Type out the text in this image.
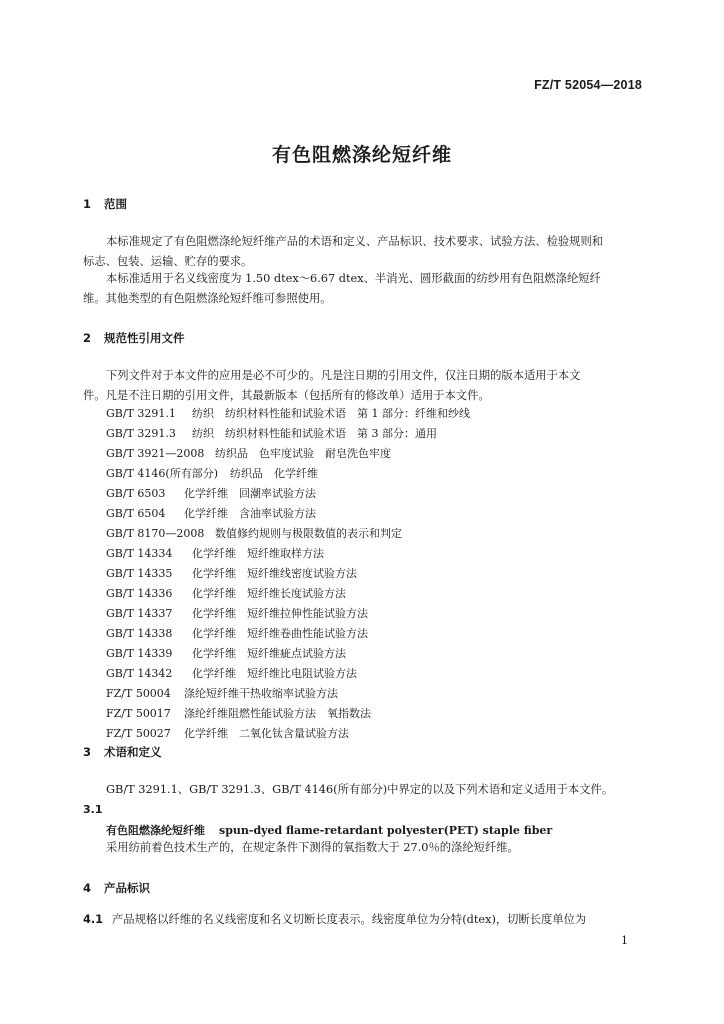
FZ/T 52054—2018
有色阻燃涤纶短纤维
1 范围
本标准规定了有色阻燃涤纶短纤维产品的术语和定义、产品标识、技术要求、试验方法、检验规则和
标志、包装、运输、贮存的要求。
本标准适用于名义线密度为 1.50 dtex～6.67 dtex、半消光、圆形截面的纺纱用有色阻燃涤纶短纤
维。其他类型的有色阻燃涤纶短纤维可参照使用。
2 规范性引用文件
下列文件对于本文件的应用是必不可少的。凡是注日期的引用文件，仅注日期的版本适用于本文
件。凡是不注日期的引用文件，其最新版本（包括所有的修改单）适用于本文件。
GB/T 3291.1 纺织　纺织材料性能和试验术语　第 1 部分：纤维和纱线
GB/T 3291.3 纺织　纺织材料性能和试验术语　第 3 部分：通用
GB/T 3921—2008 纺织品　色牢度试验　耐皂洗色牢度
GB/T 4146(所有部分) 纺织品　化学纤维
GB/T 6503 化学纤维　回潮率试验方法
GB/T 6504 化学纤维　含油率试验方法
GB/T 8170—2008 数值修约规则与极限数值的表示和判定
GB/T 14334 化学纤维　短纤维取样方法
GB/T 14335 化学纤维　短纤维线密度试验方法
GB/T 14336 化学纤维　短纤维长度试验方法
GB/T 14337 化学纤维　短纤维拉伸性能试验方法
GB/T 14338 化学纤维　短纤维卷曲性能试验方法
GB/T 14339 化学纤维　短纤维疵点试验方法
GB/T 14342 化学纤维　短纤维比电阻试验方法
FZ/T 50004 涤纶短纤维干热收缩率试验方法
FZ/T 50017 涤纶纤维阻燃性能试验方法　氧指数法
FZ/T 50027 化学纤维　二氧化钛含量试验方法
3 术语和定义
GB/T 3291.1、GB/T 3291.3、GB/T 4146(所有部分)中界定的以及下列术语和定义适用于本文件。
3.1
有色阻燃涤纶短纤维 spun-dyed flame-retardant polyester(PET) staple fiber
采用纺前着色技术生产的，在规定条件下测得的氧指数大于 27.0％的涤纶短纤维。
4 产品标识
4.1 产品规格以纤维的名义线密度和名义切断长度表示。线密度单位为分特(dtex)，切断长度单位为
1
